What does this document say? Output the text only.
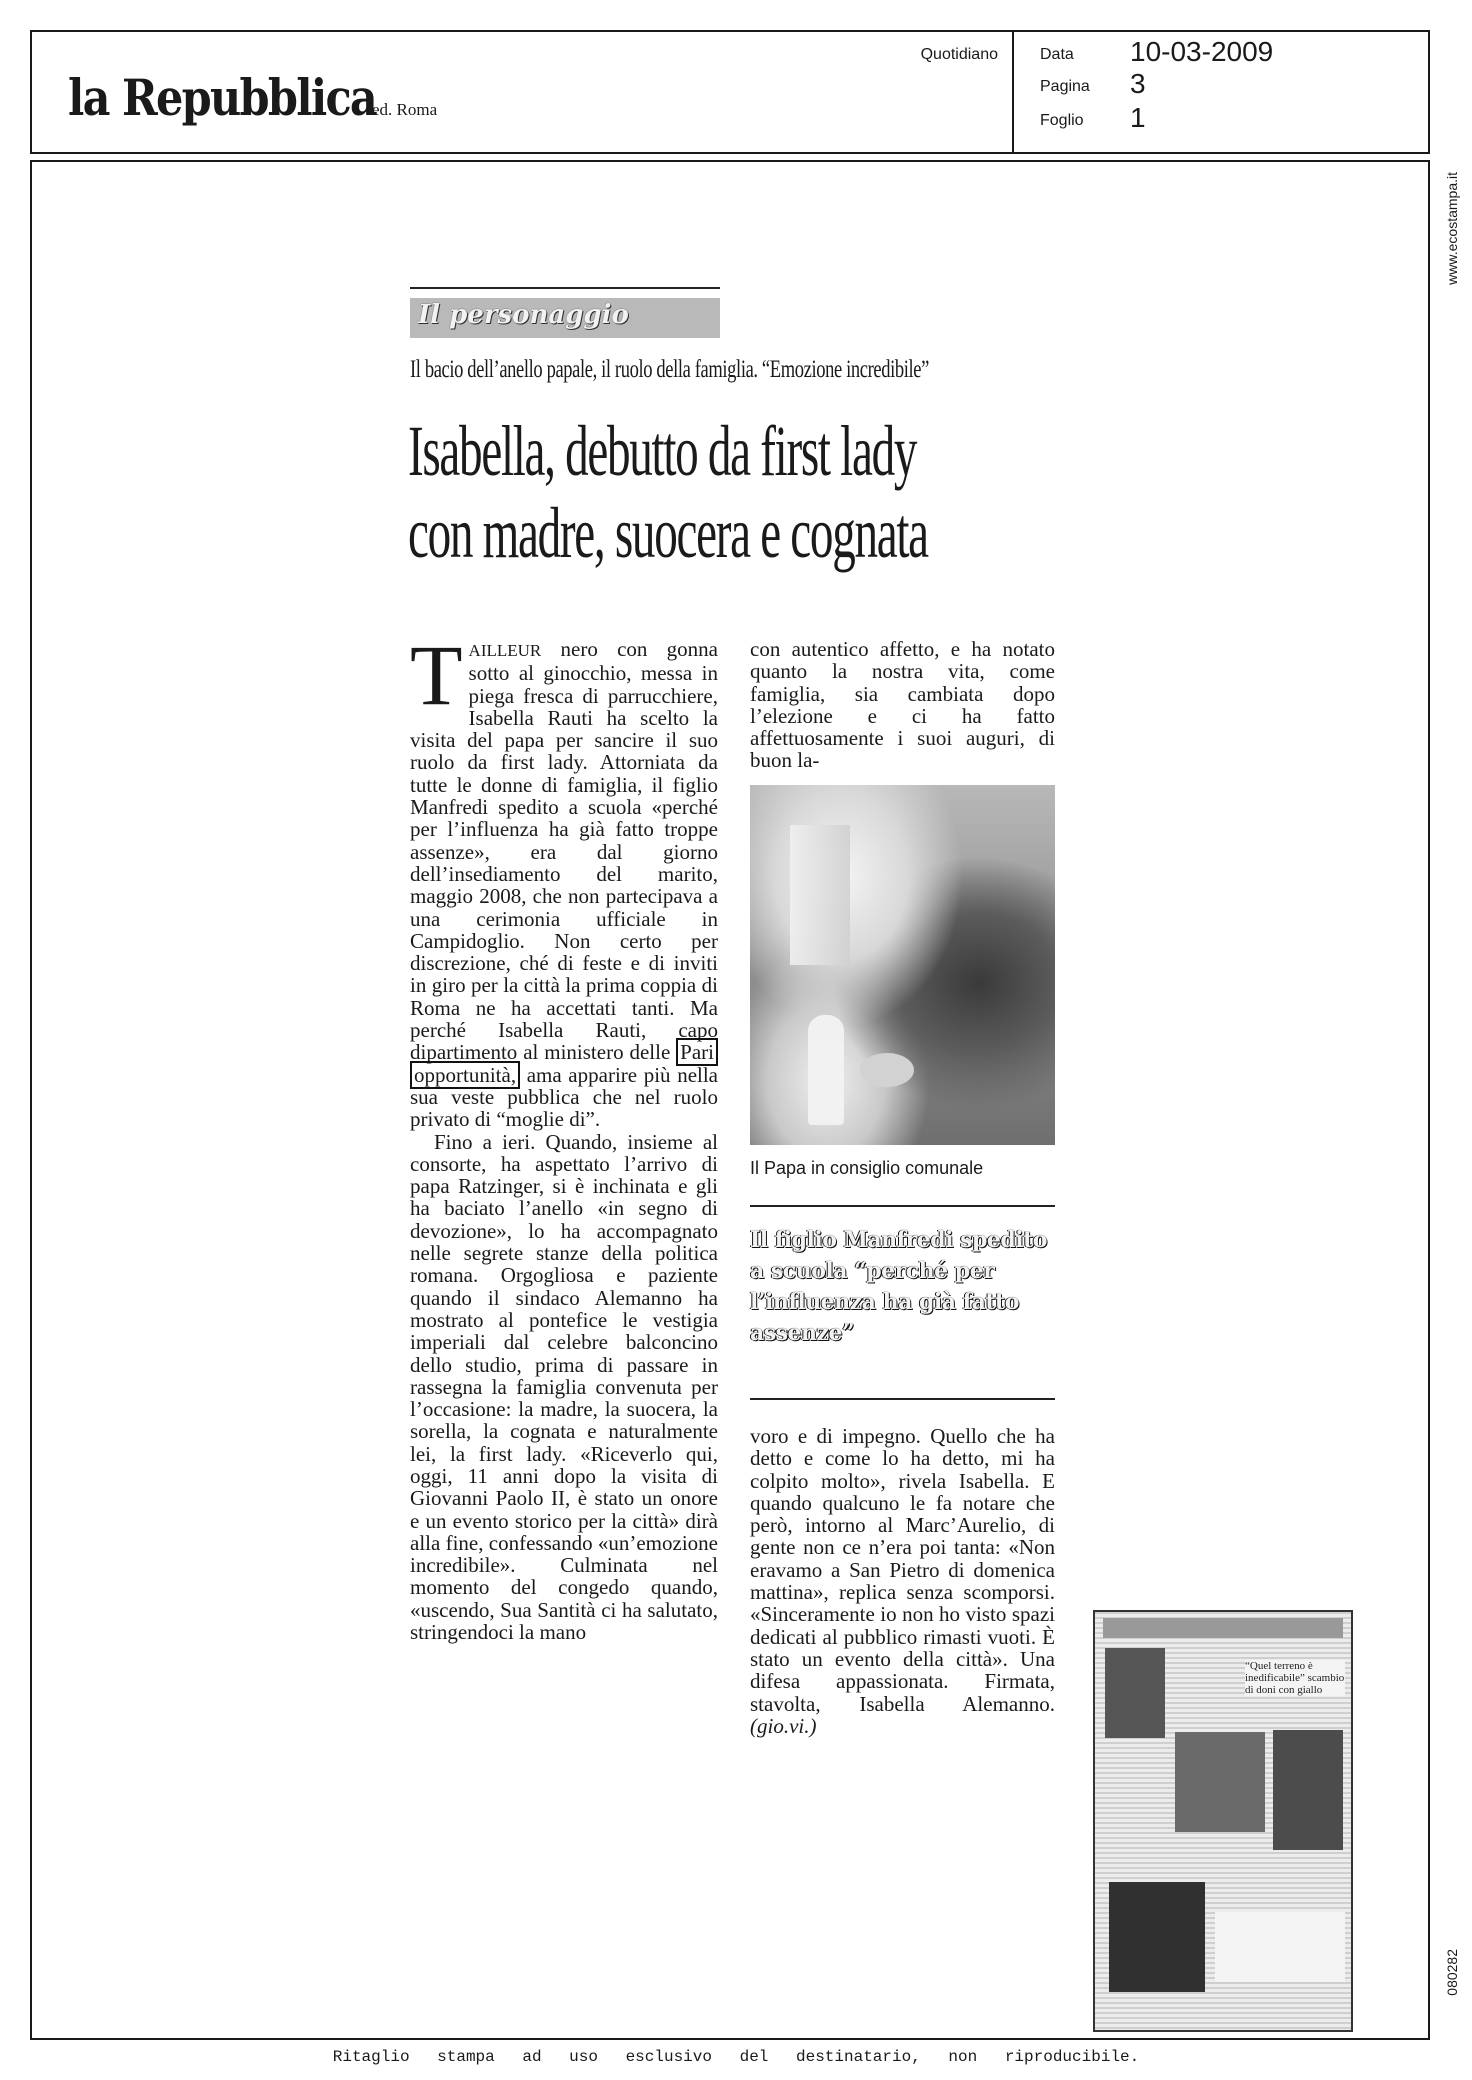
la Repubblica
ed. Roma
Quotidiano	Data 10-03-2009
Pagina 3
Foglio 1
www.ecostampa.it
080282
Il personaggio
Il bacio dell’anello papale, il ruolo della famiglia. “Emozione incredibile”
Isabella, debutto da first lady
con madre, suocera e cognata

TAILLEUR nero con gonna sotto al ginocchio, messa in piega fresca di parrucchiere, Isabella Rauti ha scelto la visita del papa per sancire il suo ruolo da first lady. Attorniata da tutte le donne di famiglia, il figlio Manfredi spedito a scuola «perché per l’influenza ha già fatto troppe assenze», era dal giorno dell’insediamento del marito, maggio 2008, che non partecipava a una cerimonia ufficiale in Campidoglio. Non certo per discrezione, ché di feste e di inviti in giro per la città la prima coppia di Roma ne ha accettati tanti. Ma perché Isabella Rauti, capo dipartimento al ministero delle Pari opportunità, ama apparire più nella sua veste pubblica che nel ruolo privato di “moglie di”.

Fino a ieri. Quando, insieme al consorte, ha aspettato l’arrivo di papa Ratzinger, si è inchinata e gli ha baciato l’anello «in segno di devozione», lo ha accompagnato nelle segrete stanze della politica romana. Orgogliosa e paziente quando il sindaco Alemanno ha mostrato al pontefice le vestigia imperiali dal celebre balconcino dello studio, prima di passare in rassegna la famiglia convenuta per l’occasione: la madre, la suocera, la sorella, la cognata e naturalmente lei, la first lady. «Riceverlo qui, oggi, 11 anni dopo la visita di Giovanni Paolo II, è stato un onore e un evento storico per la città» dirà alla fine, confessando «un’emozione incredibile». Culminata nel momento del congedo quando, «uscendo, Sua Santità ci ha salutato, stringendoci la mano

con autentico affetto, e ha notato quanto la nostra vita, come famiglia, sia cambiata dopo l’elezione e ci ha fatto affettuosamente i suoi auguri, di buon la-

Il Papa in consiglio comunale
Il figlio Manfredi spedito a scuola “perché per l’influenza ha già fatto assenze”

voro e di impegno. Quello che ha detto e come lo ha detto, mi ha colpito molto», rivela Isabella. E quando qualcuno le fa notare che però, intorno al Marc’Aurelio, di gente non ce n’era poi tanta: «Non eravamo a San Pietro di domenica mattina», replica senza scomporsi. «Sinceramente io non ho visto spazi dedicati al pubblico rimasti vuoti. È stato un evento della città». Una difesa appassionata. Firmata, stavolta, Isabella Alemanno. (gio.vi.)

“Quel terreno è inedificabile” scambio di doni con giallo
Ritaglio stampa ad uso esclusivo del destinatario, non riproducibile.
